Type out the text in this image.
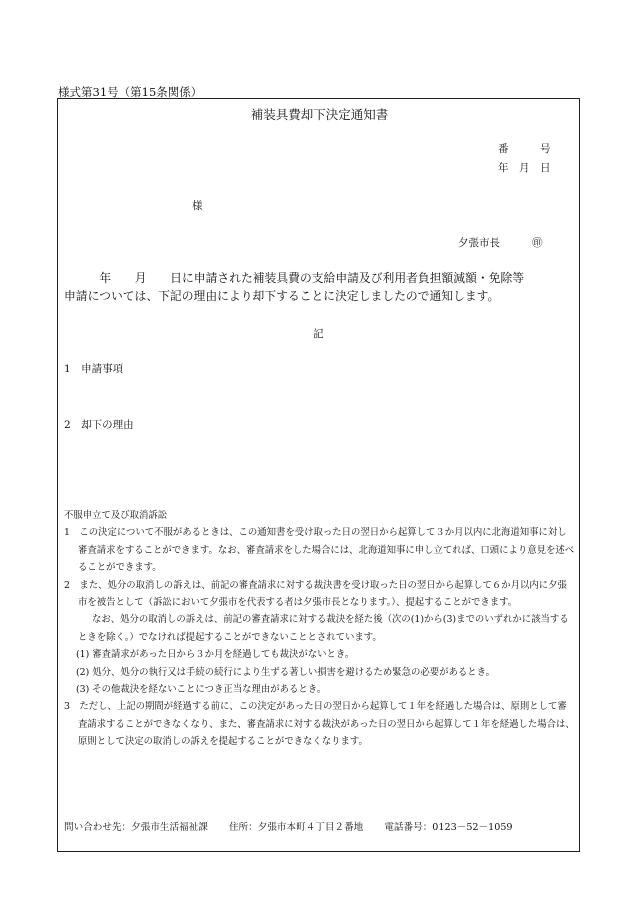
様式第31号（第15条関係）
補装具費却下決定通知書
番　　　号
年　月　日
様
夕張市長	㊞
　　　年　　月　　日に申請された補装具費の支給申請及び利用者負担額減額・免除等
申請については、下記の理由により却下することに決定しましたので通知します。
記
1　申請事項
2　却下の理由

不服申立て及び取消訴訟

1　この決定について不服があるときは、この通知書を受け取った日の翌日から起算して３か月以内に北海道知事に対し審査請求をすることができます。なお、審査請求をした場合には、北海道知事に申し立てれば、口頭により意見を述べることができます。

2　また、処分の取消しの訴えは、前記の審査請求に対する裁決書を受け取った日の翌日から起算して６か月以内に夕張市を被告として（訴訟において夕張市を代表する者は夕張市長となります。）、提起することができます。

なお、処分の取消しの訴えは、前記の審査請求に対する裁決を経た後（次の(1)から(3)までのいずれかに該当するときを除く。）でなければ提起することができないこととされています。

(1) 審査請求があった日から３か月を経過しても裁決がないとき。

(2) 処分、処分の執行又は手続の続行により生ずる著しい損害を避けるため緊急の必要があるとき。

(3) その他裁決を経ないことにつき正当な理由があるとき。

3　ただし、上記の期間が経過する前に、この決定があった日の翌日から起算して１年を経過した場合は、原則として審査請求することができなくなり、また、審査請求に対する裁決があった日の翌日から起算して１年を経過した場合は、原則として決定の取消しの訴えを提起することができなくなります。

問い合わせ先：夕張市生活福祉課 住所：夕張市本町４丁目２番地 電話番号：0123－52－1059
